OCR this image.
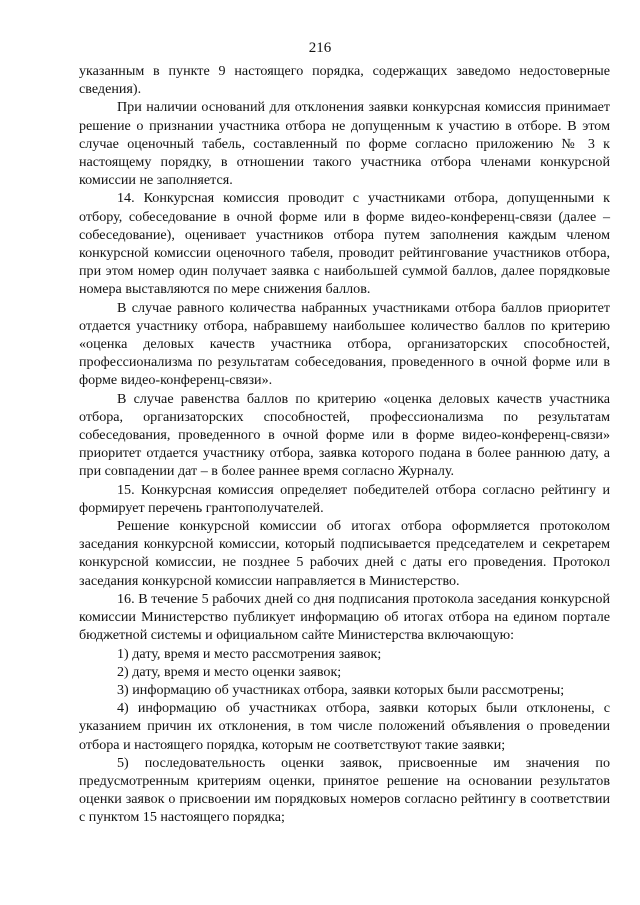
216

указанным в пункте 9 настоящего порядка, содержащих заведомо недостоверные сведения).

При наличии оснований для отклонения заявки конкурсная комиссия принимает решение о признании участника отбора не допущенным к участию в отборе. В этом случае оценочный табель, составленный по форме согласно приложению № 3 к настоящему порядку, в отношении такого участника отбора членами конкурсной комиссии не заполняется.

14. Конкурсная комиссия проводит с участниками отбора, допущенными к отбору, собеседование в очной форме или в форме видео-конференц-связи (далее – собеседование), оценивает участников отбора путем заполнения каждым членом конкурсной комиссии оценочного табеля, проводит рейтингование участников отбора, при этом номер один получает заявка с наибольшей суммой баллов, далее порядковые номера выставляются по мере снижения баллов.

В случае равного количества набранных участниками отбора баллов приоритет отдается участнику отбора, набравшему наибольшее количество баллов по критерию «оценка деловых качеств участника отбора, организаторских способностей, профессионализма по результатам собеседования, проведенного в очной форме или в форме видео-конференц-связи».

В случае равенства баллов по критерию «оценка деловых качеств участника отбора, организаторских способностей, профессионализма по результатам собеседования, проведенного в очной форме или в форме видео-конференц-связи» приоритет отдается участнику отбора, заявка которого подана в более раннюю дату, а при совпадении дат – в более раннее время согласно Журналу.

15. Конкурсная комиссия определяет победителей отбора согласно рейтингу и формирует перечень грантополучателей.

Решение конкурсной комиссии об итогах отбора оформляется протоколом заседания конкурсной комиссии, который подписывается председателем и секретарем конкурсной комиссии, не позднее 5 рабочих дней с даты его проведения. Протокол заседания конкурсной комиссии направляется в Министерство.

16. В течение 5 рабочих дней со дня подписания протокола заседания конкурсной комиссии Министерство публикует информацию об итогах отбора на едином портале бюджетной системы и официальном сайте Министерства включающую:

1) дату, время и место рассмотрения заявок;

2) дату, время и место оценки заявок;

3) информацию об участниках отбора, заявки которых были рассмотрены;

4) информацию об участниках отбора, заявки которых были отклонены, с указанием причин их отклонения, в том числе положений объявления о проведении отбора и настоящего порядка, которым не соответствуют такие заявки;

5) последовательность оценки заявок, присвоенные им значения по предусмотренным критериям оценки, принятое решение на основании результатов оценки заявок о присвоении им порядковых номеров согласно рейтингу в соответствии с пунктом 15 настоящего порядка;
